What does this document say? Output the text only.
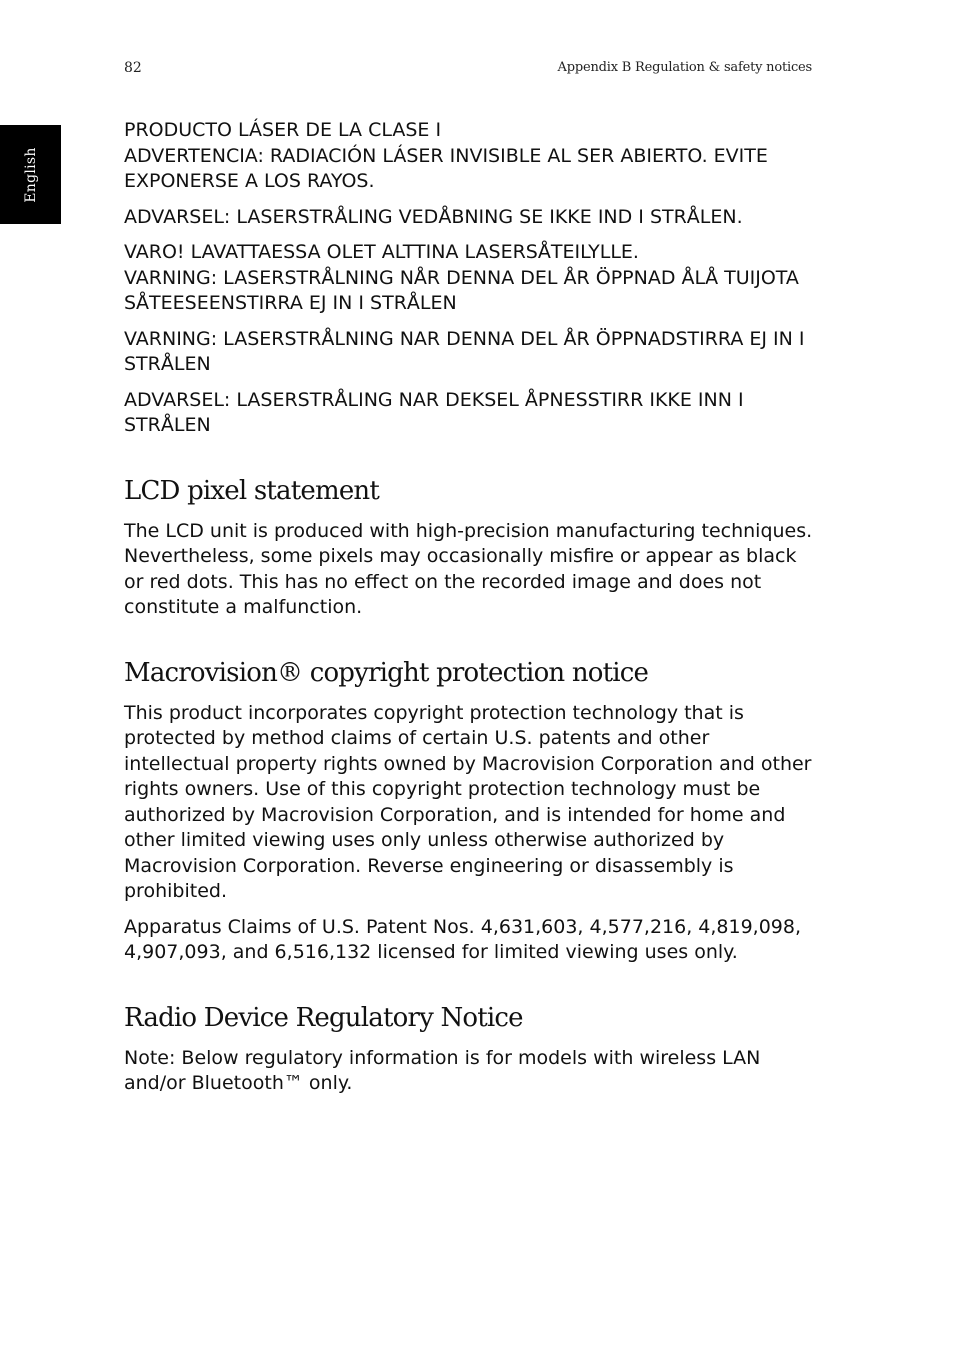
82	Appendix B Regulation & safety notices
English

PRODUCTO LÁSER DE LA CLASE I
ADVERTENCIA: RADIACIÓN LÁSER INVISIBLE AL SER ABIERTO. EVITE EXPONERSE A LOS RAYOS.

ADVARSEL: LASERSTRÅLING VEDÅBNING SE IKKE IND I STRÅLEN.

VARO! LAVATTAESSA OLET ALTTINA LASERSÅTEILYLLE.
VARNING: LASERSTRÅLNING NÅR DENNA DEL ÅR ÖPPNAD ÅLÅ TUIJOTA SÅTEESEENSTIRRA EJ IN I STRÅLEN

VARNING: LASERSTRÅLNING NAR DENNA DEL ÅR ÖPPNADSTIRRA EJ IN I STRÅLEN

ADVARSEL: LASERSTRÅLING NAR DEKSEL ÅPNESSTIRR IKKE INN I STRÅLEN

LCD pixel statement

The LCD unit is produced with high-precision manufacturing techniques. Nevertheless, some pixels may occasionally misfire or appear as black or red dots. This has no effect on the recorded image and does not constitute a malfunction.

Macrovision® copyright protection notice

This product incorporates copyright protection technology that is protected by method claims of certain U.S. patents and other intellectual property rights owned by Macrovision Corporation and other rights owners. Use of this copyright protection technology must be authorized by Macrovision Corporation, and is intended for home and other limited viewing uses only unless otherwise authorized by Macrovision Corporation. Reverse engineering or disassembly is prohibited.

Apparatus Claims of U.S. Patent Nos. 4,631,603, 4,577,216, 4,819,098, 4,907,093, and 6,516,132 licensed for limited viewing uses only.

Radio Device Regulatory Notice

Note: Below regulatory information is for models with wireless LAN and/or Bluetooth™ only.
